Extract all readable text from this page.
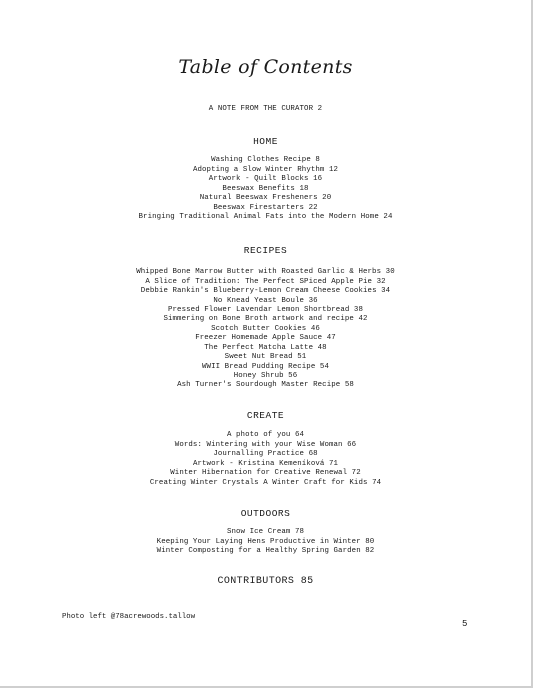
Table of Contents
A NOTE FROM THE CURATOR 2
HOME
Washing Clothes Recipe 8
Adopting a Slow Winter Rhythm 12
Artwork - Quilt Blocks 16
Beeswax Benefits 18
Natural Beeswax Fresheners 20
Beeswax Firestarters 22
Bringing Traditional Animal Fats into the Modern Home 24
RECIPES
Whipped Bone Marrow Butter with Roasted Garlic & Herbs 30
A Slice of Tradition: The Perfect SPiced Apple Pie 32
Debbie Rankin's Blueberry-Lemon Cream Cheese Cookies 34
No Knead Yeast Boule 36
Pressed Flower Lavendar Lemon Shortbread 38
Simmering on Bone Broth artwork and recipe 42
Scotch Butter Cookies 46
Freezer Homemade Apple Sauce 47
The Perfect Matcha Latte 48
Sweet Nut Bread 51
WWII Bread Pudding Recipe 54
Honey Shrub 56
Ash Turner's Sourdough Master Recipe 58
CREATE
A photo of you 64
Words: Wintering with your Wise Woman 66
Journalling Practice 68
Artwork - Kristina Kemeníková 71
Winter Hibernation for Creative Renewal 72
Creating Winter Crystals A Winter Craft for Kids 74
OUTDOORS
Snow Ice Cream 78
Keeping Your Laying Hens Productive in Winter 80
Winter Composting for a Healthy Spring Garden 82
CONTRIBUTORS 85
Photo left @78acrewoods.tallow
5
